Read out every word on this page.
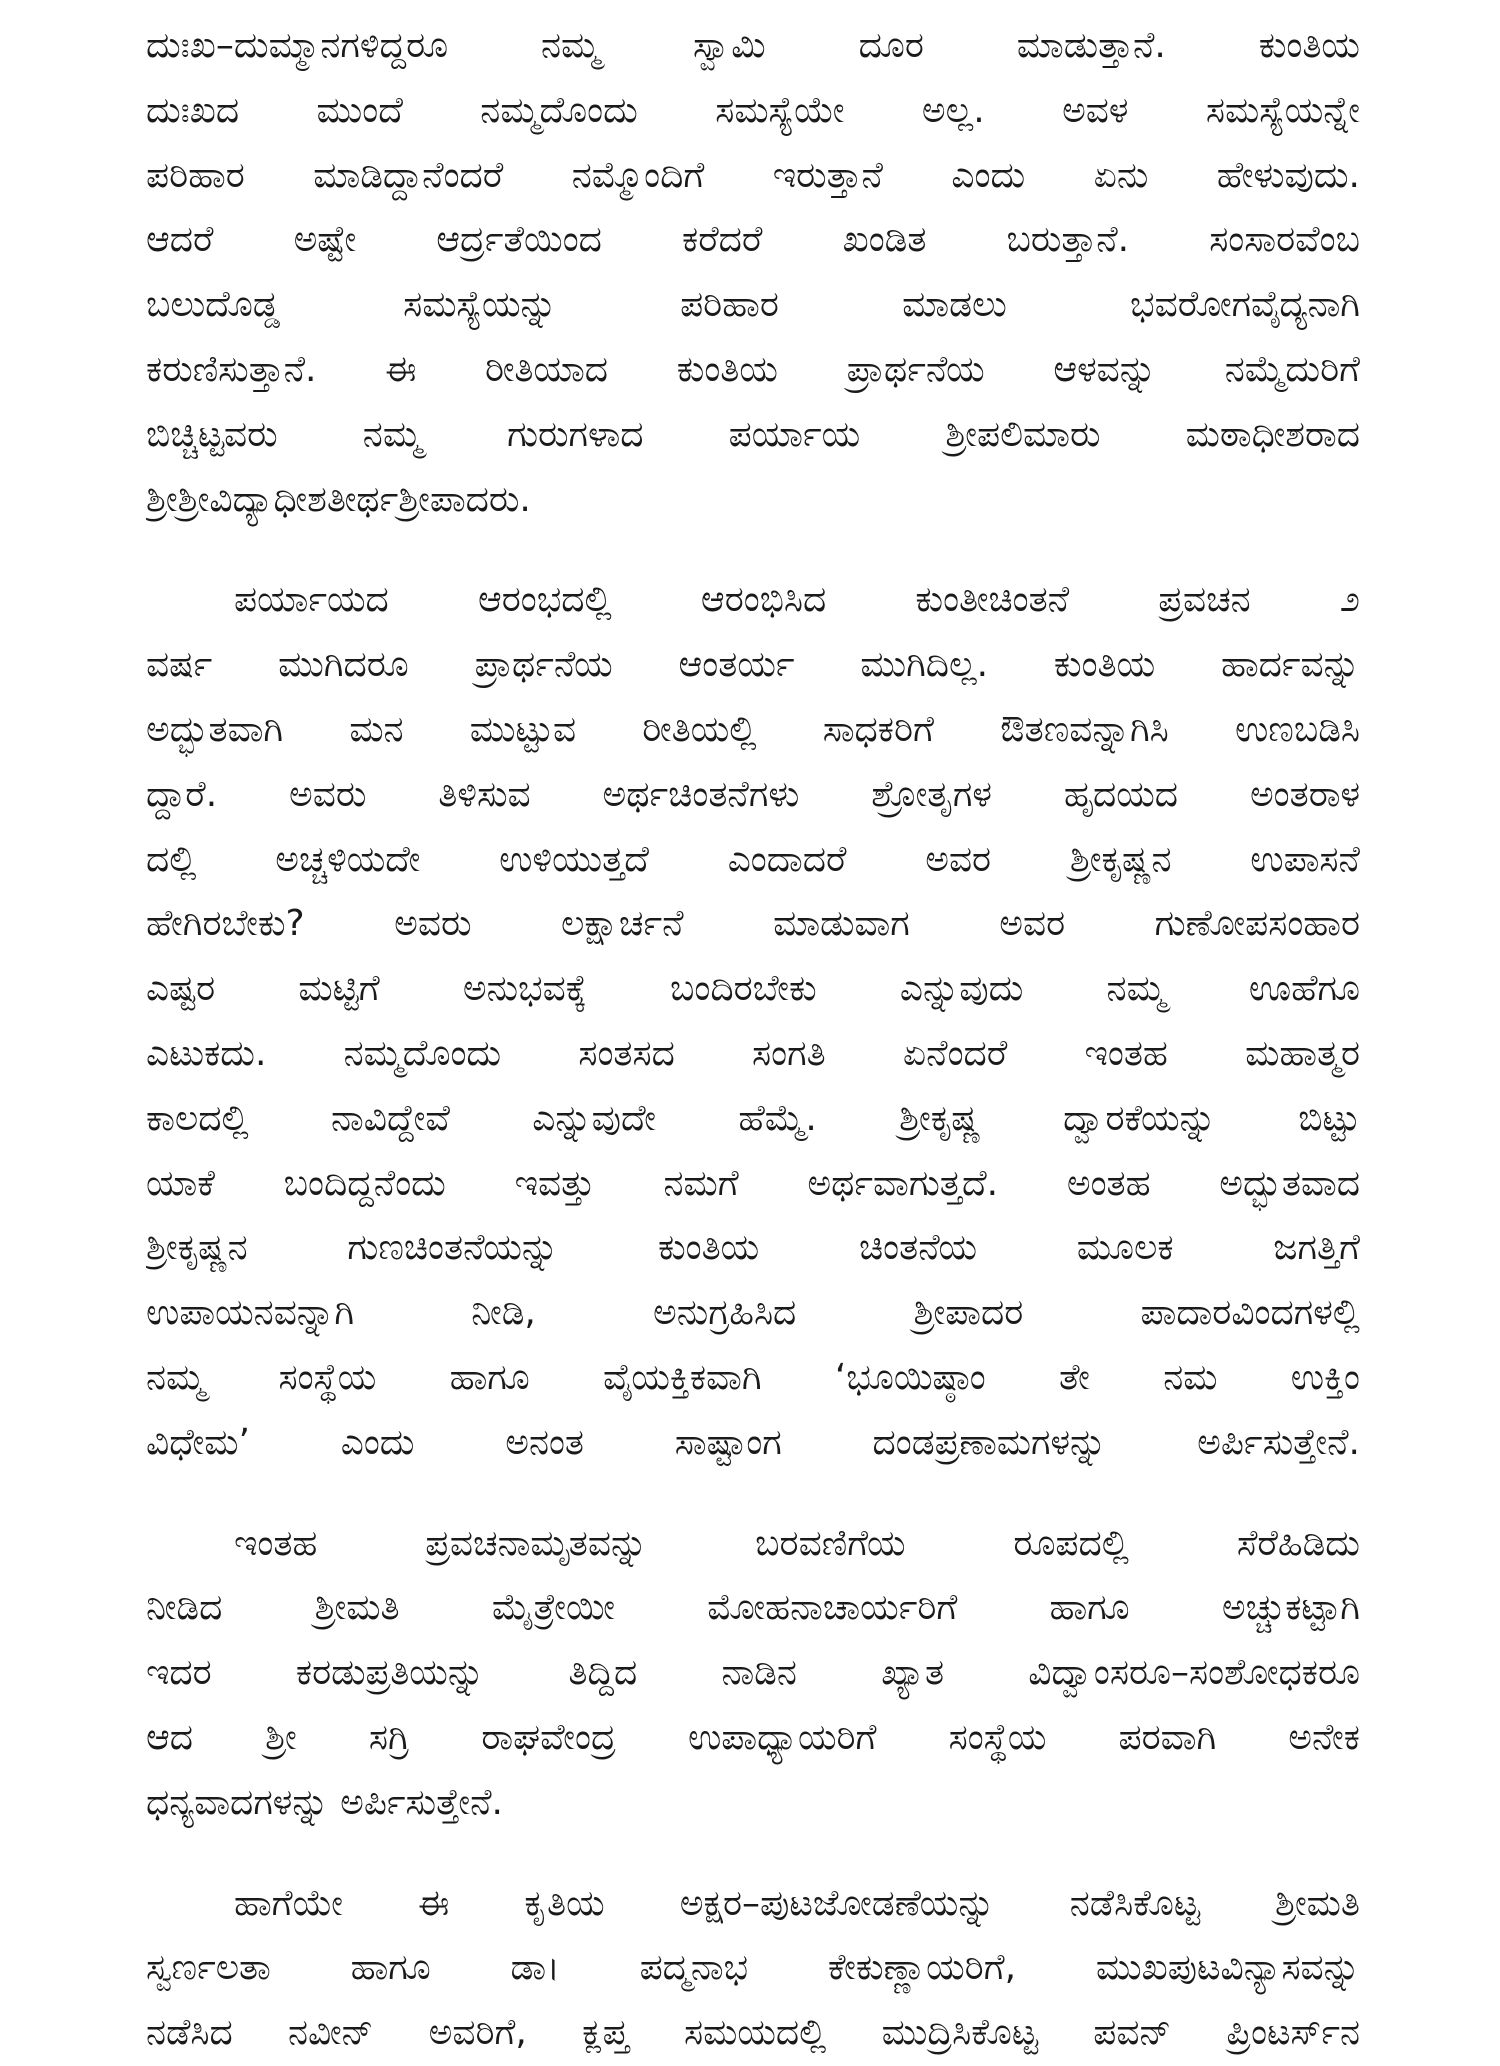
ದುಃಖ–ದುಮ್ಮಾನಗಳಿದ್ದರೂ ನಮ್ಮ ಸ್ವಾಮಿ ದೂರ ಮಾಡುತ್ತಾನೆ. ಕುಂತಿಯ
ದುಃಖದ ಮುಂದೆ ನಮ್ಮದೊಂದು ಸಮಸ್ಯೆಯೇ ಅಲ್ಲ. ಅವಳ ಸಮಸ್ಯೆಯನ್ನೇ
ಪರಿಹಾರ ಮಾಡಿದ್ದಾನೆಂದರೆ ನಮ್ಮೊಂದಿಗೆ ಇರುತ್ತಾನೆ ಎಂದು ಏನು ಹೇಳುವುದು.
ಆದರೆ ಅಷ್ಟೇ ಆರ್ದ್ರತೆಯಿಂದ ಕರೆದರೆ ಖಂಡಿತ ಬರುತ್ತಾನೆ. ಸಂಸಾರವೆಂಬ
ಬಲುದೊಡ್ಡ ಸಮಸ್ಯೆಯನ್ನು ಪರಿಹಾರ ಮಾಡಲು ಭವರೋಗವೈದ್ಯನಾಗಿ
ಕರುಣಿಸುತ್ತಾನೆ. ಈ ರೀತಿಯಾದ ಕುಂತಿಯ ಪ್ರಾರ್ಥನೆಯ ಆಳವನ್ನು ನಮ್ಮೆದುರಿಗೆ
ಬಿಚ್ಚಿಟ್ಟವರು ನಮ್ಮ ಗುರುಗಳಾದ ಪರ್ಯಾಯ ಶ್ರೀಪಲಿಮಾರು ಮಠಾಧೀಶರಾದ
ಶ್ರೀಶ್ರೀವಿದ್ಯಾಧೀಶತೀರ್ಥಶ್ರೀಪಾದರು.
ಪರ್ಯಾಯದ ಆರಂಭದಲ್ಲಿ ಆರಂಭಿಸಿದ ಕುಂತೀಚಿಂತನೆ ಪ್ರವಚನ ೨
ವರ್ಷ ಮುಗಿದರೂ ಪ್ರಾರ್ಥನೆಯ ಆಂತರ್ಯ ಮುಗಿದಿಲ್ಲ. ಕುಂತಿಯ ಹಾರ್ದವನ್ನು
ಅದ್ಭುತವಾಗಿ ಮನ ಮುಟ್ಟುವ ರೀತಿಯಲ್ಲಿ ಸಾಧಕರಿಗೆ ಔತಣವನ್ನಾಗಿಸಿ ಉಣಬಡಿಸಿ
ದ್ದಾರೆ. ಅವರು ತಿಳಿಸುವ ಅರ್ಥಚಿಂತನೆಗಳು ಶ್ರೋತೃಗಳ ಹೃದಯದ ಅಂತರಾಳ
ದಲ್ಲಿ ಅಚ್ಚಳಿಯದೇ ಉಳಿಯುತ್ತದೆ ಎಂದಾದರೆ ಅವರ ಶ್ರೀಕೃಷ್ಣನ ಉಪಾಸನೆ
ಹೇಗಿರಬೇಕು? ಅವರು ಲಕ್ಷಾರ್ಚನೆ ಮಾಡುವಾಗ ಅವರ ಗುಣೋಪಸಂಹಾರ
ಎಷ್ಟರ ಮಟ್ಟಿಗೆ ಅನುಭವಕ್ಕೆ ಬಂದಿರಬೇಕು ಎನ್ನುವುದು ನಮ್ಮ ಊಹೆಗೂ
ಎಟುಕದು. ನಮ್ಮದೊಂದು ಸಂತಸದ ಸಂಗತಿ ಏನೆಂದರೆ ಇಂತಹ ಮಹಾತ್ಮರ
ಕಾಲದಲ್ಲಿ ನಾವಿದ್ದೇವೆ ಎನ್ನುವುದೇ ಹೆಮ್ಮೆ. ಶ್ರೀಕೃಷ್ಣ ದ್ವಾರಕೆಯನ್ನು ಬಿಟ್ಟು
ಯಾಕೆ ಬಂದಿದ್ದನೆಂದು ಇವತ್ತು ನಮಗೆ ಅರ್ಥವಾಗುತ್ತದೆ. ಅಂತಹ ಅದ್ಭುತವಾದ
ಶ್ರೀಕೃಷ್ಣನ ಗುಣಚಿಂತನೆಯನ್ನು ಕುಂತಿಯ ಚಿಂತನೆಯ ಮೂಲಕ ಜಗತ್ತಿಗೆ
ಉಪಾಯನವನ್ನಾಗಿ ನೀಡಿ, ಅನುಗ್ರಹಿಸಿದ ಶ್ರೀಪಾದರ ಪಾದಾರವಿಂದಗಳಲ್ಲಿ
ನಮ್ಮ ಸಂಸ್ಥೆಯ ಹಾಗೂ ವೈಯಕ್ತಿಕವಾಗಿ ‘ಭೂಯಿಷ್ಠಾಂ ತೇ ನಮ ಉಕ್ತಿಂ
ವಿಧೇಮ’ ಎಂದು ಅನಂತ ಸಾಷ್ಟಾಂಗ ದಂಡಪ್ರಣಾಮಗಳನ್ನು ಅರ್ಪಿಸುತ್ತೇನೆ.
ಇಂತಹ ಪ್ರವಚನಾಮೃತವನ್ನು ಬರವಣಿಗೆಯ ರೂಪದಲ್ಲಿ ಸೆರೆಹಿಡಿದು
ನೀಡಿದ ಶ್ರೀಮತಿ ಮೈತ್ರೇಯೀ ಮೋಹನಾಚಾರ್ಯರಿಗೆ ಹಾಗೂ ಅಚ್ಚುಕಟ್ಟಾಗಿ
ಇದರ ಕರಡುಪ್ರತಿಯನ್ನು ತಿದ್ದಿದ ನಾಡಿನ ಖ್ಯಾತ ವಿದ್ವಾಂಸರೂ–ಸಂಶೋಧಕರೂ
ಆದ ಶ್ರೀ ಸಗ್ರಿ ರಾಘವೇಂದ್ರ ಉಪಾಧ್ಯಾಯರಿಗೆ ಸಂಸ್ಥೆಯ ಪರವಾಗಿ ಅನೇಕ
ಧನ್ಯವಾದಗಳನ್ನು ಅರ್ಪಿಸುತ್ತೇನೆ.
ಹಾಗೆಯೇ ಈ ಕೃತಿಯ ಅಕ್ಷರ–ಪುಟಜೋಡಣೆಯನ್ನು ನಡೆಸಿಕೊಟ್ಟ ಶ್ರೀಮತಿ
ಸ್ವರ್ಣಲತಾ ಹಾಗೂ ಡಾ। ಪದ್ಮನಾಭ ಕೇಕುಣ್ಣಾಯರಿಗೆ, ಮುಖಪುಟವಿನ್ಯಾಸವನ್ನು
ನಡೆಸಿದ ನವೀನ್ ಅವರಿಗೆ, ಕ್ಲಪ್ತ ಸಮಯದಲ್ಲಿ ಮುದ್ರಿಸಿಕೊಟ್ಟ ಪವನ್ ಪ್ರಿಂಟರ್ಸ್‌ನ
